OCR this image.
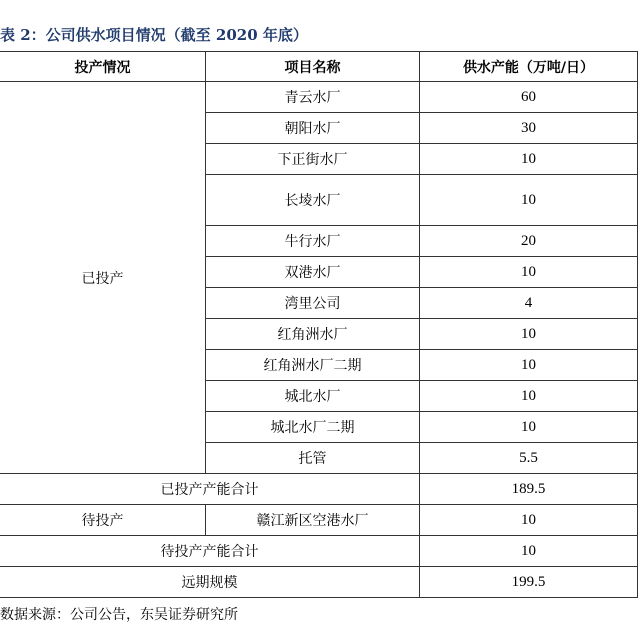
表 2：公司供水项目情况（截至 2020 年底）
投产情况	项目名称	供水产能（万吨/日）
已投产	青云水厂	60
	朝阳水厂	30
	下正街水厂	10
	长堎水厂	10
	牛行水厂	20
	双港水厂	10
	湾里公司	4
	红角洲水厂	10
	红角洲水厂二期	10
	城北水厂	10
	城北水厂二期	10
	托管	5.5
已投产产能合计		189.5
待投产	赣江新区空港水厂	10
待投产产能合计		10
远期规模		199.5
数据来源：公司公告，东吴证券研究所
